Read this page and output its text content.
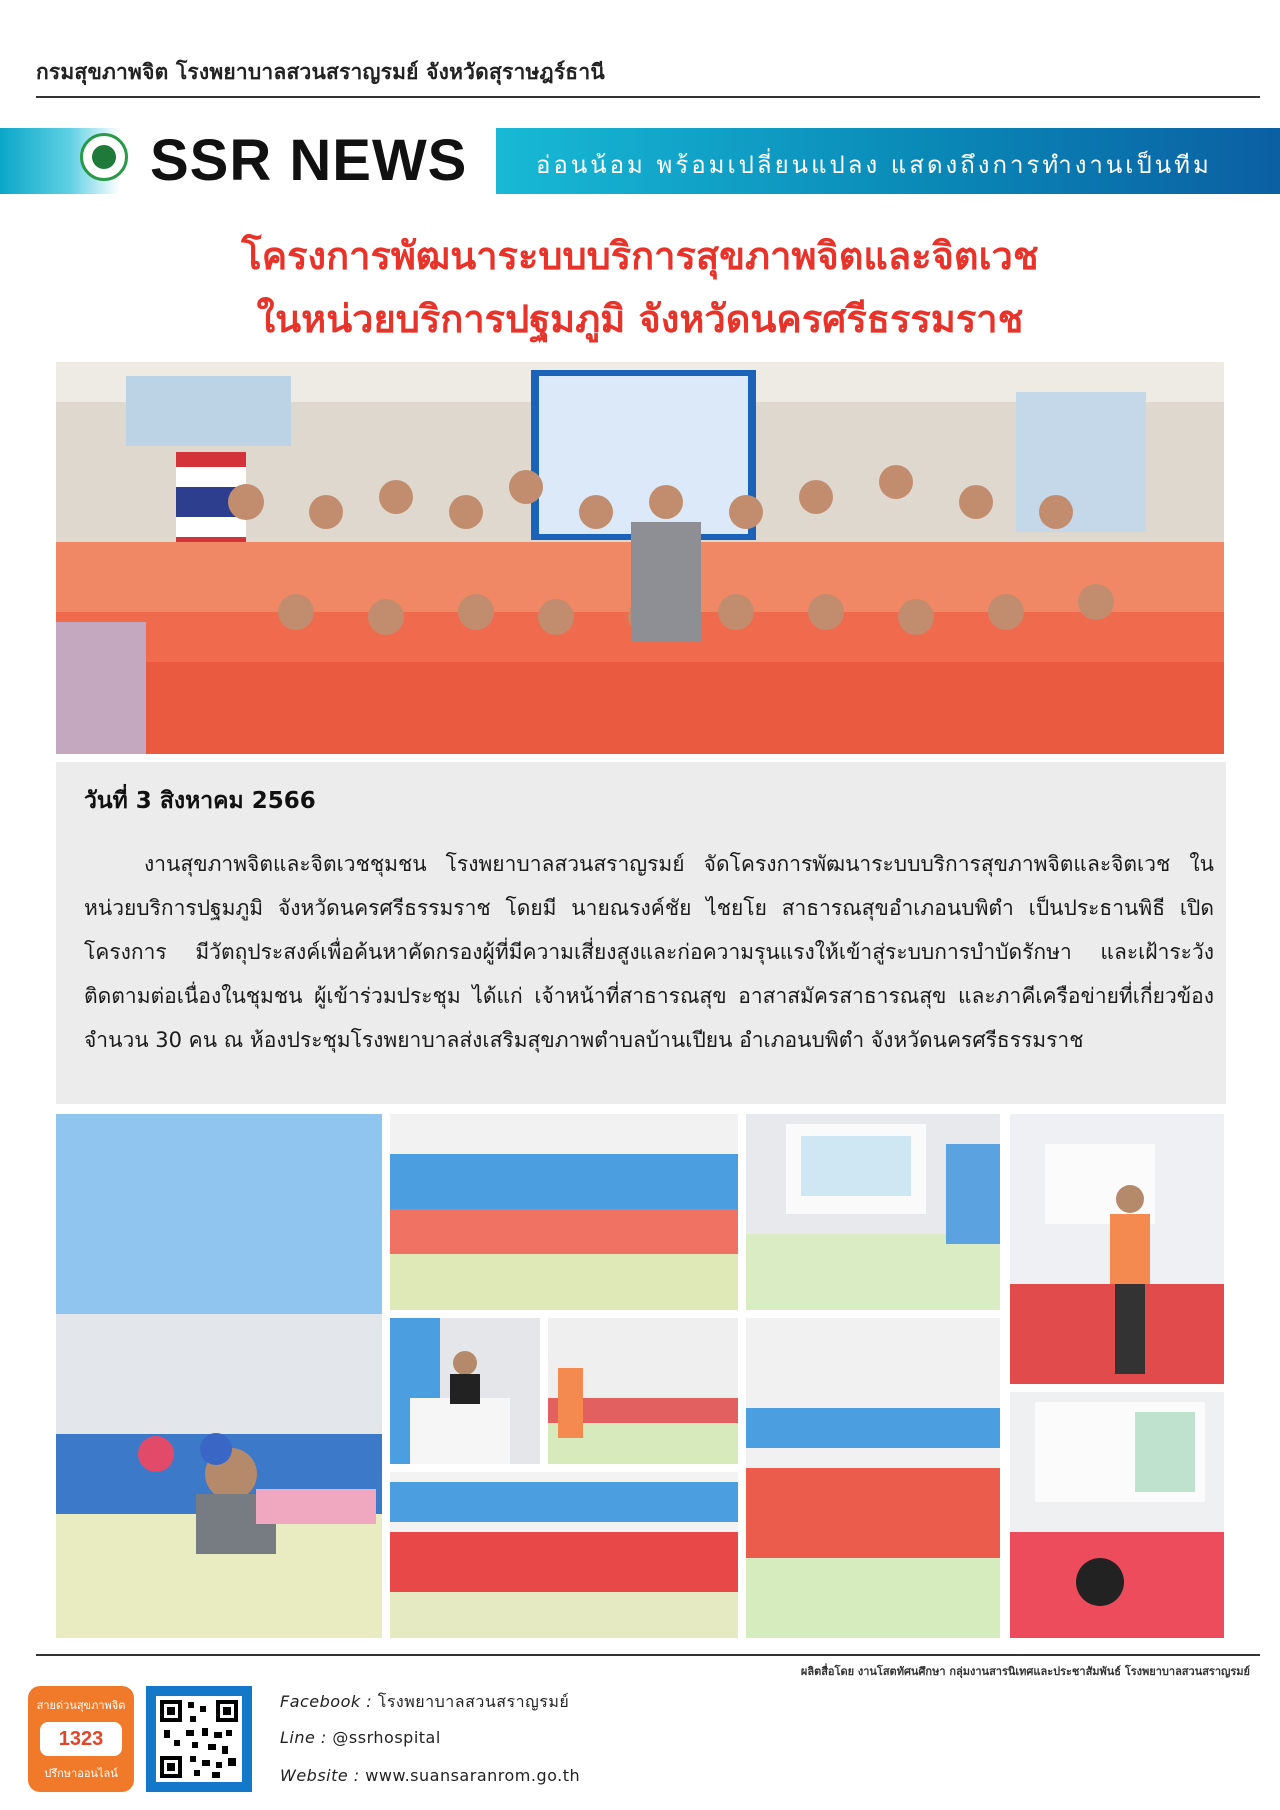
กรมสุขภาพจิต โรงพยาบาลสวนสราญรมย์ จังหวัดสุราษฎร์ธานี
SSR NEWS	อ่อนน้อม พร้อมเปลี่ยนแปลง แสดงถึงการทำงานเป็นทีม
โครงการพัฒนาระบบบริการสุขภาพจิตและจิตเวช
ในหน่วยบริการปฐมภูมิ จังหวัดนครศรีธรรมราช
วันที่ 3 สิงหาคม 2566
งานสุขภาพจิตและจิตเวชชุมชน โรงพยาบาลสวนสราญรมย์ จัดโครงการพัฒนาระบบบริการสุขภาพจิตและจิตเวช ในหน่วยบริการปฐมภูมิ จังหวัดนครศรีธรรมราช โดยมี นายณรงค์ชัย ไชยโย สาธารณสุขอำเภอนบพิตำ เป็นประธานพิธี เปิดโครงการ มีวัตถุประสงค์เพื่อค้นหาคัดกรองผู้ที่มีความเสี่ยงสูงและก่อความรุนแรงให้เข้าสู่ระบบการบำบัดรักษา และเฝ้าระวังติดตามต่อเนื่องในชุมชน ผู้เข้าร่วมประชุม ได้แก่ เจ้าหน้าที่สาธารณสุข อาสาสมัครสาธารณสุข และภาคีเครือข่ายที่เกี่ยวข้อง จำนวน 30 คน ณ ห้องประชุมโรงพยาบาลส่งเสริมสุขภาพตำบลบ้านเปียน อำเภอนบพิตำ จังหวัดนครศรีธรรมราช
ผลิตสื่อโดย งานโสตทัศนศึกษา กลุ่มงานสารนิเทศและประชาสัมพันธ์ โรงพยาบาลสวนสราญรมย์
สายด่วนสุขภาพจิต
1323
ปรึกษาออนไลน์
Facebook : โรงพยาบาลสวนสราญรมย์
Line : @ssrhospital
Website : www.suansaranrom.go.th
